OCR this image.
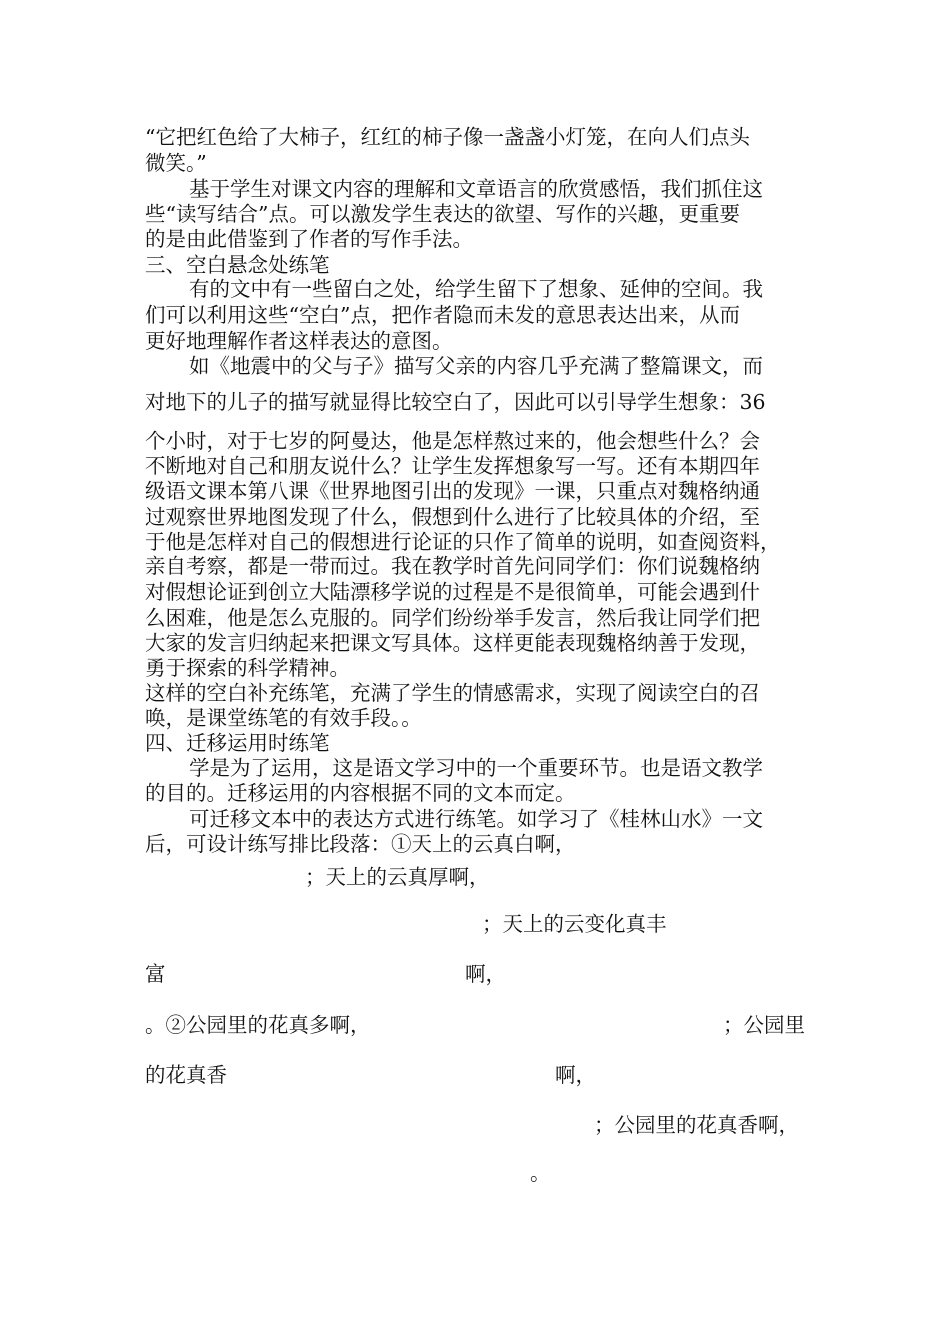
“它把红色给了大柿子，红红的柿子像一盏盏小灯笼，在向人们点头
微笑。”
基于学生对课文内容的理解和文章语言的欣赏感悟，我们抓住这
些“读写结合”点。可以激发学生表达的欲望、写作的兴趣，更重要
的是由此借鉴到了作者的写作手法。
三、空白悬念处练笔
有的文中有一些留白之处，给学生留下了想象、延伸的空间。我
们可以利用这些“空白”点，把作者隐而未发的意思表达出来，从而
更好地理解作者这样表达的意图。
如《地震中的父与子》描写父亲的内容几乎充满了整篇课文，而
对地下的儿子的描写就显得比较空白了，因此可以引导学生想象：36
个小时，对于七岁的阿曼达，他是怎样熬过来的，他会想些什么？会
不断地对自己和朋友说什么？让学生发挥想象写一写。还有本期四年
级语文课本第八课《世界地图引出的发现》一课，只重点对魏格纳通
过观察世界地图发现了什么，假想到什么进行了比较具体的介绍，至
于他是怎样对自己的假想进行论证的只作了简单的说明，如查阅资料，
亲自考察，都是一带而过。我在教学时首先问同学们：你们说魏格纳
对假想论证到创立大陆漂移学说的过程是不是很简单，可能会遇到什
么困难，他是怎么克服的。同学们纷纷举手发言，然后我让同学们把
大家的发言归纳起来把课文写具体。这样更能表现魏格纳善于发现，
勇于探索的科学精神。
这样的空白补充练笔，充满了学生的情感需求，实现了阅读空白的召
唤，是课堂练笔的有效手段。。
四、迁移运用时练笔
学是为了运用，这是语文学习中的一个重要环节。也是语文教学
的目的。迁移运用的内容根据不同的文本而定。
可迁移文本中的表达方式进行练笔。如学习了《桂林山水》一文
后，可设计练写排比段落：①天上的云真白啊，
；天上的云真厚啊，
；天上的云变化真丰
富	啊，
。②公园里的花真多啊，	；公园里
的花真香	啊，
；公园里的花真香啊，
。
